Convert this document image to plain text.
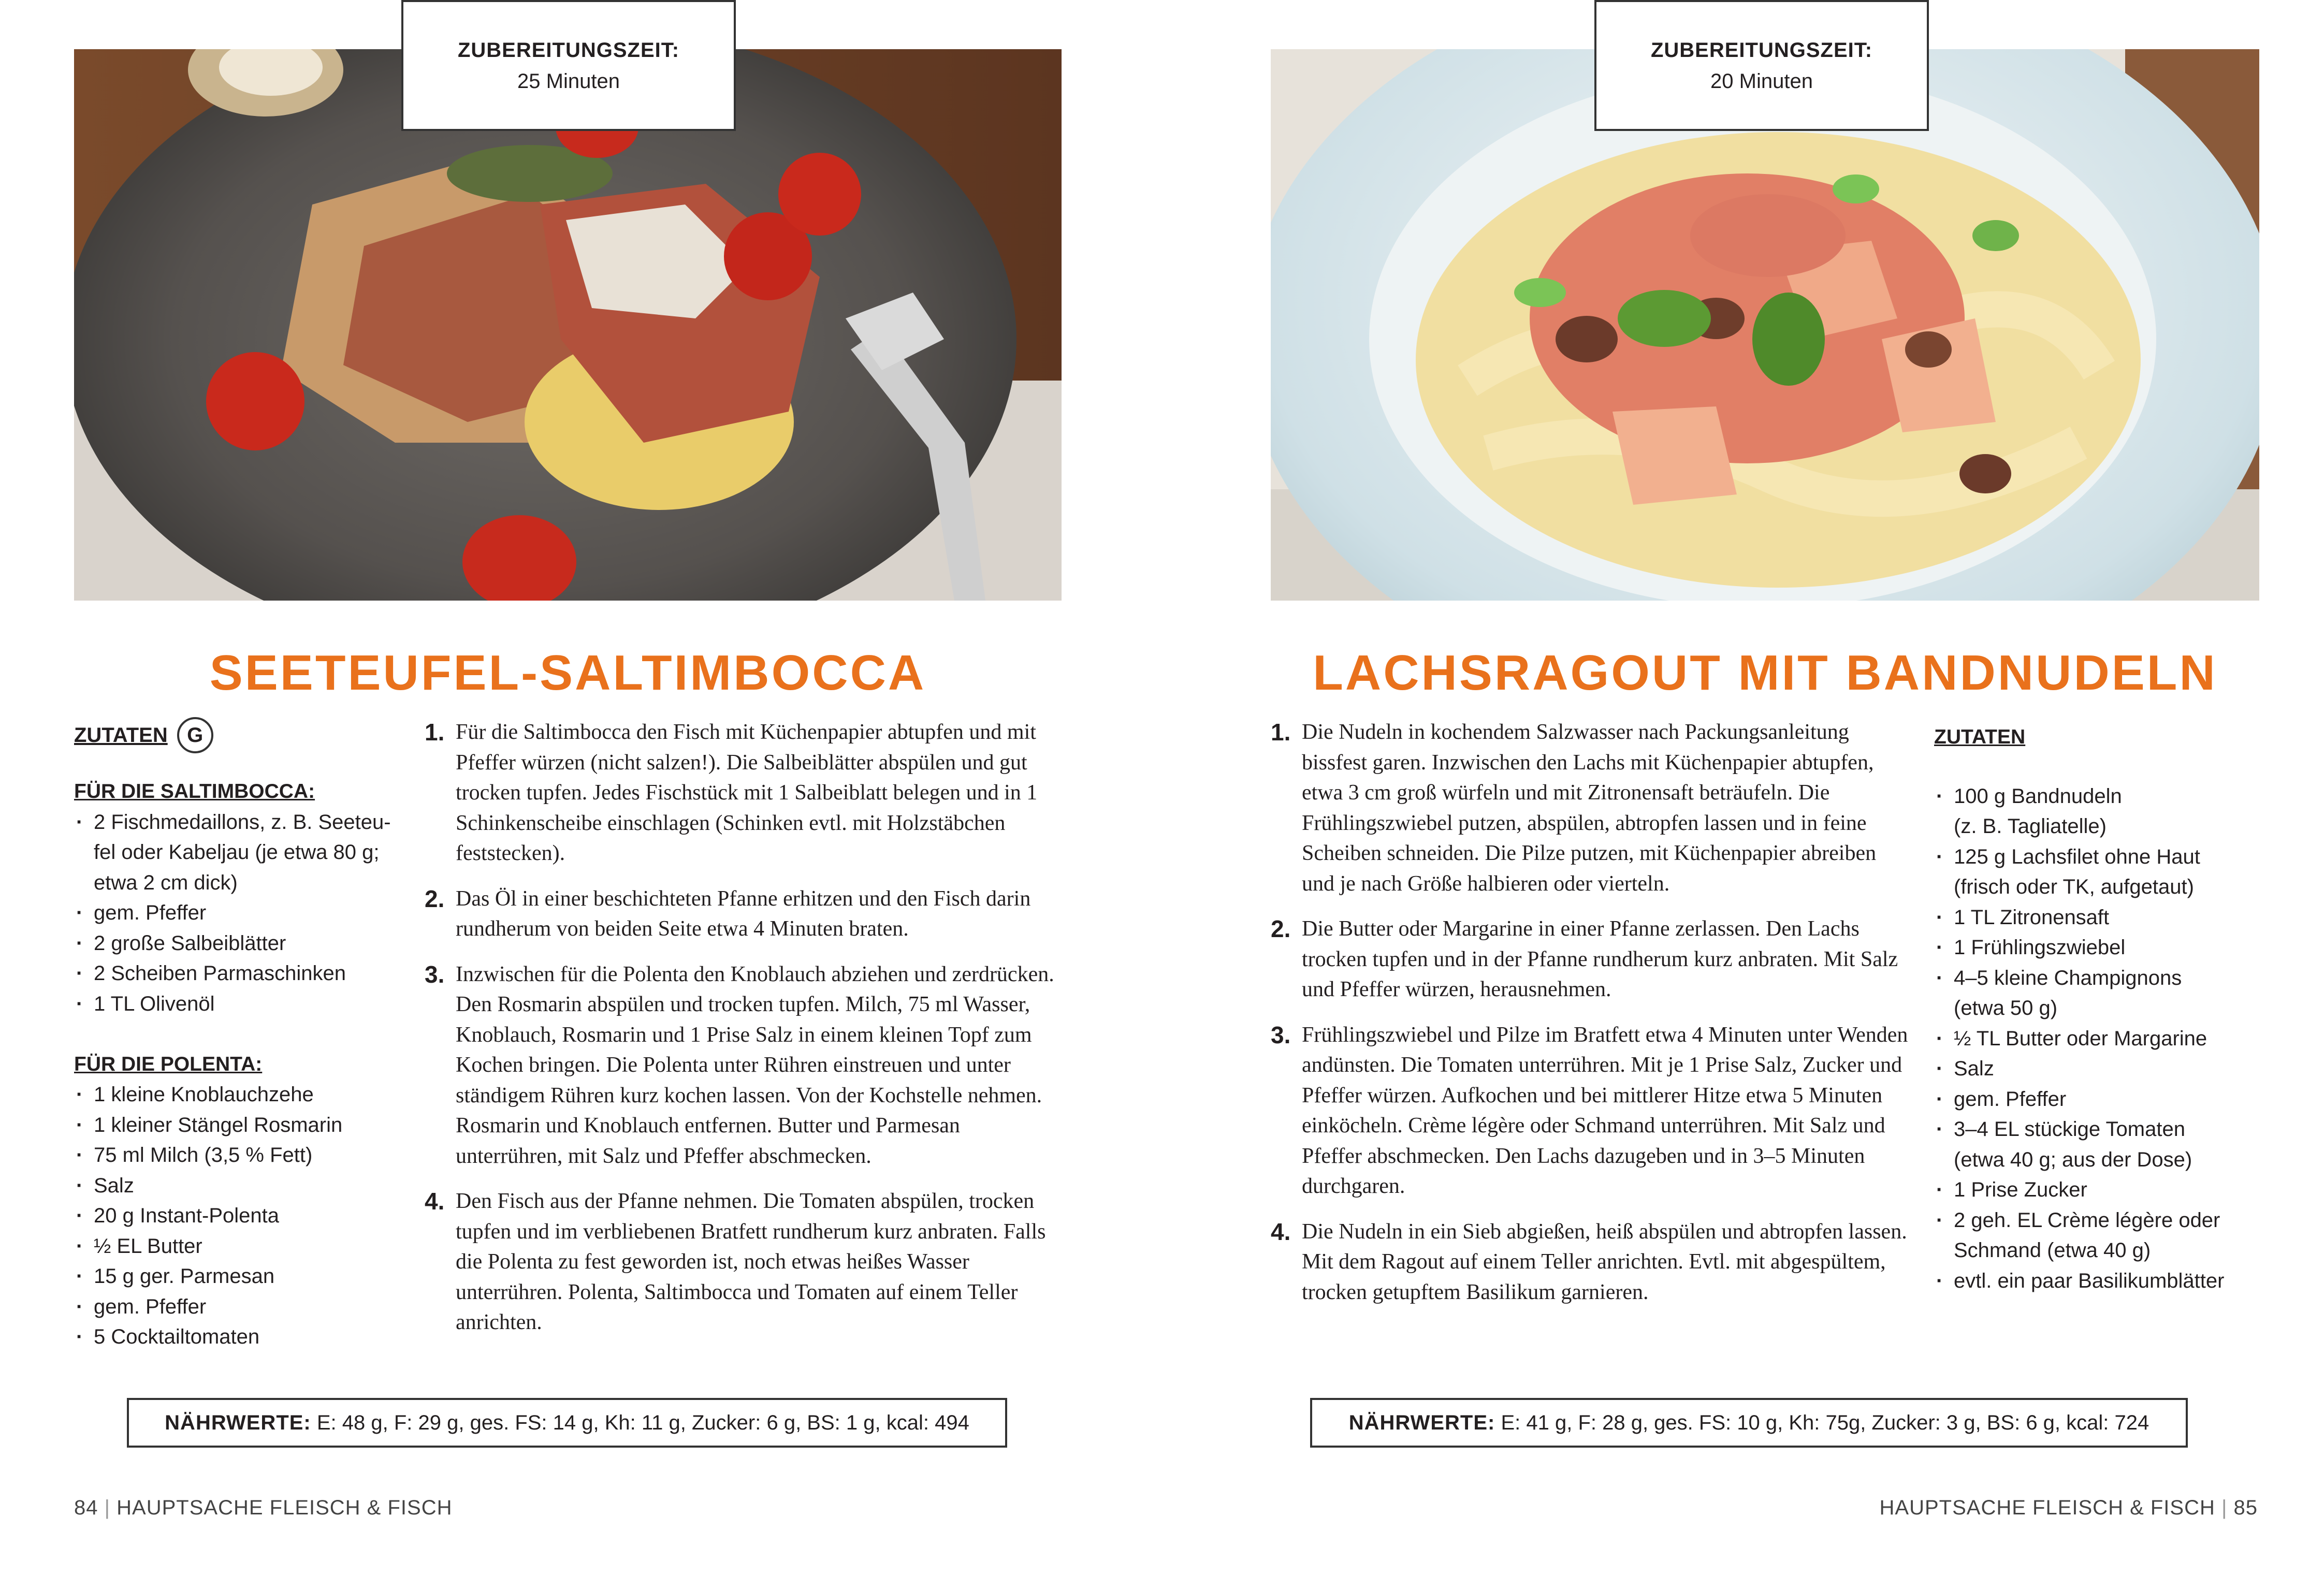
ZUBEREITUNGSZEIT:
25 Minuten
SEETEUFEL-SALTIMBOCCA
ZUTATEN G
FÜR DIE SALTIMBOCCA:
· 2 Fischmedaillons, z. B. Seeteu-
fel oder Kabeljau (je etwa 80 g;
etwa 2 cm dick)
· gem. Pfeffer
· 2 große Salbeiblätter
· 2 Scheiben Parmaschinken
· 1 TL Olivenöl
FÜR DIE POLENTA:
· 1 kleine Knoblauchzehe
· 1 kleiner Stängel Rosmarin
· 75 ml Milch (3,5 % Fett)
· Salz
· 20 g Instant-Polenta
· ½ EL Butter
· 15 g ger. Parmesan
· gem. Pfeffer
· 5 Cocktailtomaten
1. Für die Saltimbocca den Fisch mit Küchenpapier abtupfen und mit Pfeffer würzen (nicht salzen!). Die Salbeiblätter abspülen und gut trocken tupfen. Jedes Fischstück mit 1 Salbeiblatt belegen und in 1 Schinkenscheibe einschlagen (Schinken evtl. mit Holzstäbchen feststecken).
2. Das Öl in einer beschichteten Pfanne erhitzen und den Fisch darin rundherum von beiden Seite etwa 4 Minuten braten.
3. Inzwischen für die Polenta den Knoblauch abziehen und zerdrücken. Den Rosmarin abspülen und trocken tupfen. Milch, 75 ml Wasser, Knoblauch, Rosmarin und 1 Prise Salz in einem kleinen Topf zum Kochen bringen. Die Polenta unter Rühren einstreuen und unter ständigem Rühren kurz kochen lassen. Von der Kochstelle nehmen. Rosmarin und Knoblauch entfernen. Butter und Parmesan unterrühren, mit Salz und Pfeffer abschmecken.
4. Den Fisch aus der Pfanne nehmen. Die Tomaten abspülen, trocken tupfen und im verbliebenen Bratfett rundherum kurz anbraten. Falls die Polenta zu fest geworden ist, noch etwas heißes Wasser unterrühren. Polenta, Saltimbocca und Tomaten auf einem Teller anrichten.
NÄHRWERTE: E: 48 g, F: 29 g, ges. FS: 14 g, Kh: 11 g, Zucker: 6 g, BS: 1 g, kcal: 494
84 | HAUPTSACHE FLEISCH & FISCH
ZUBEREITUNGSZEIT:
20 Minuten
LACHSRAGOUT MIT BANDNUDELN
1. Die Nudeln in kochendem Salzwasser nach Packungsanleitung bissfest garen. Inzwischen den Lachs mit Küchenpapier abtupfen, etwa 3 cm groß würfeln und mit Zitronensaft beträufeln. Die Frühlingszwiebel putzen, abspülen, abtropfen lassen und in feine Scheiben schneiden. Die Pilze putzen, mit Küchenpapier abreiben und je nach Größe halbieren oder vierteln.
2. Die Butter oder Margarine in einer Pfanne zerlassen. Den Lachs trocken tupfen und in der Pfanne rundherum kurz anbraten. Mit Salz und Pfeffer würzen, herausnehmen.
3. Frühlingszwiebel und Pilze im Bratfett etwa 4 Minuten unter Wenden andünsten. Die Tomaten unterrühren. Mit je 1 Prise Salz, Zucker und Pfeffer würzen. Aufkochen und bei mittlerer Hitze etwa 5 Minuten einköcheln. Crème légère oder Schmand unterrühren. Mit Salz und Pfeffer abschmecken. Den Lachs dazugeben und in 3–5 Minuten durchgaren.
4. Die Nudeln in ein Sieb abgießen, heiß abspülen und abtropfen lassen. Mit dem Ragout auf einem Teller anrichten. Evtl. mit abgespültem, trocken getupftem Basilikum garnieren.
ZUTATEN
· 100 g Bandnudeln
(z. B. Tagliatelle)
· 125 g Lachsfilet ohne Haut
(frisch oder TK, aufgetaut)
· 1 TL Zitronensaft
· 1 Frühlingszwiebel
· 4–5 kleine Champignons
(etwa 50 g)
· ½ TL Butter oder Margarine
· Salz
· gem. Pfeffer
· 3–4 EL stückige Tomaten
(etwa 40 g; aus der Dose)
· 1 Prise Zucker
· 2 geh. EL Crème légère oder
Schmand (etwa 40 g)
· evtl. ein paar Basilikumblätter
NÄHRWERTE: E: 41 g, F: 28 g, ges. FS: 10 g, Kh: 75g, Zucker: 3 g, BS: 6 g, kcal: 724
HAUPTSACHE FLEISCH & FISCH | 85
